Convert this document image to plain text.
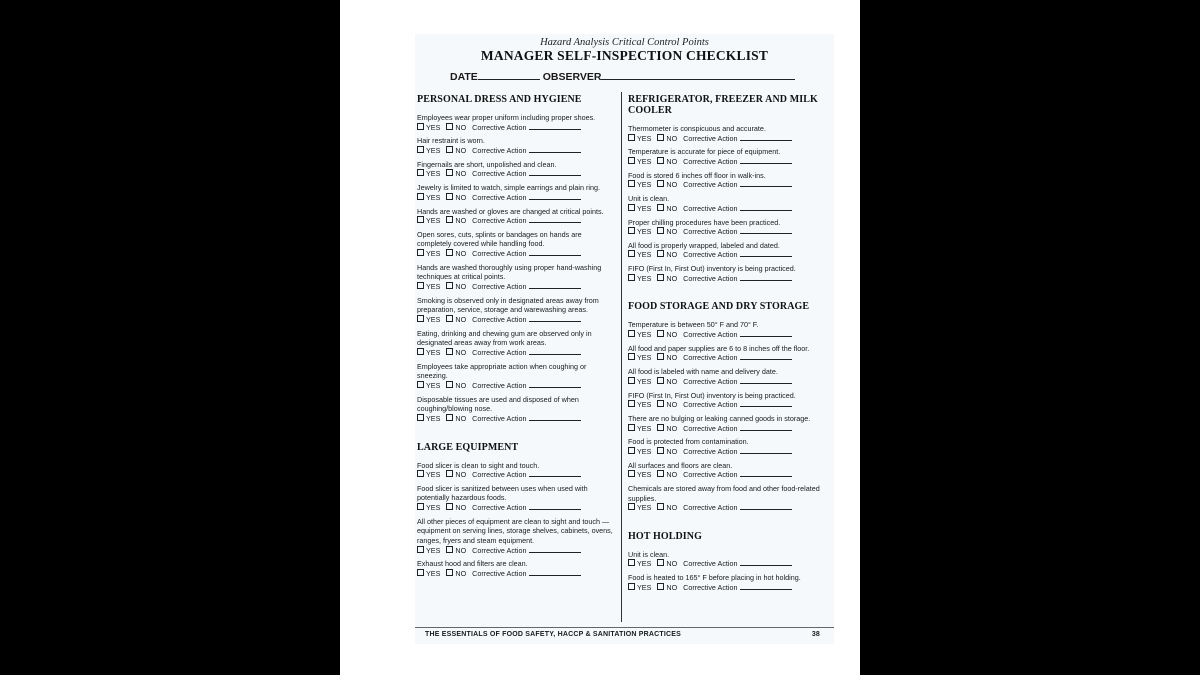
Hazard Analysis Critical Control Points
MANAGER SELF-INSPECTION CHECKLIST
DATE	OBSERVER
PERSONAL DRESS AND HYGIENE
Employees wear proper uniform including proper shoes.
YES NO Corrective Action
Hair restraint is worn.
YES NO Corrective Action
Fingernails are short, unpolished and clean.
YES NO Corrective Action
Jewelry is limited to watch, simple earrings and plain ring.
YES NO Corrective Action
Hands are washed or gloves are changed at critical points.
YES NO Corrective Action
Open sores, cuts, splints or bandages on hands are completely covered while handling food.
YES NO Corrective Action
Hands are washed thoroughly using proper hand-washing techniques at critical points.
YES NO Corrective Action
Smoking is observed only in designated areas away from preparation, service, storage and warewashing areas.
YES NO Corrective Action
Eating, drinking and chewing gum are observed only in designated areas away from work areas.
YES NO Corrective Action
Employees take appropriate action when coughing or sneezing.
YES NO Corrective Action
Disposable tissues are used and disposed of when coughing/blowing nose.
YES NO Corrective Action
LARGE EQUIPMENT
Food slicer is clean to sight and touch.
YES NO Corrective Action
Food slicer is sanitized between uses when used with potentially hazardous foods.
YES NO Corrective Action
All other pieces of equipment are clean to sight and touch — equipment on serving lines, storage shelves, cabinets, ovens, ranges, fryers and steam equipment.
YES NO Corrective Action
Exhaust hood and filters are clean.
YES NO Corrective Action
REFRIGERATOR, FREEZER AND MILK COOLER
Thermometer is conspicuous and accurate.
YES NO Corrective Action
Temperature is accurate for piece of equipment.
YES NO Corrective Action
Food is stored 6 inches off floor in walk-ins.
YES NO Corrective Action
Unit is clean.
YES NO Corrective Action
Proper chilling procedures have been practiced.
YES NO Corrective Action
All food is properly wrapped, labeled and dated.
YES NO Corrective Action
FIFO (First In, First Out) inventory is being practiced.
YES NO Corrective Action
FOOD STORAGE AND DRY STORAGE
Temperature is between 50° F and 70° F.
YES NO Corrective Action
All food and paper supplies are 6 to 8 inches off the floor.
YES NO Corrective Action
All food is labeled with name and delivery date.
YES NO Corrective Action
FIFO (First In, First Out) inventory is being practiced.
YES NO Corrective Action
There are no bulging or leaking canned goods in storage.
YES NO Corrective Action
Food is protected from contamination.
YES NO Corrective Action
All surfaces and floors are clean.
YES NO Corrective Action
Chemicals are stored away from food and other food-related supplies.
YES NO Corrective Action
HOT HOLDING
Unit is clean.
YES NO Corrective Action
Food is heated to 165° F before placing in hot holding.
YES NO Corrective Action
THE ESSENTIALS OF FOOD SAFETY, HACCP & SANITATION PRACTICES	38
